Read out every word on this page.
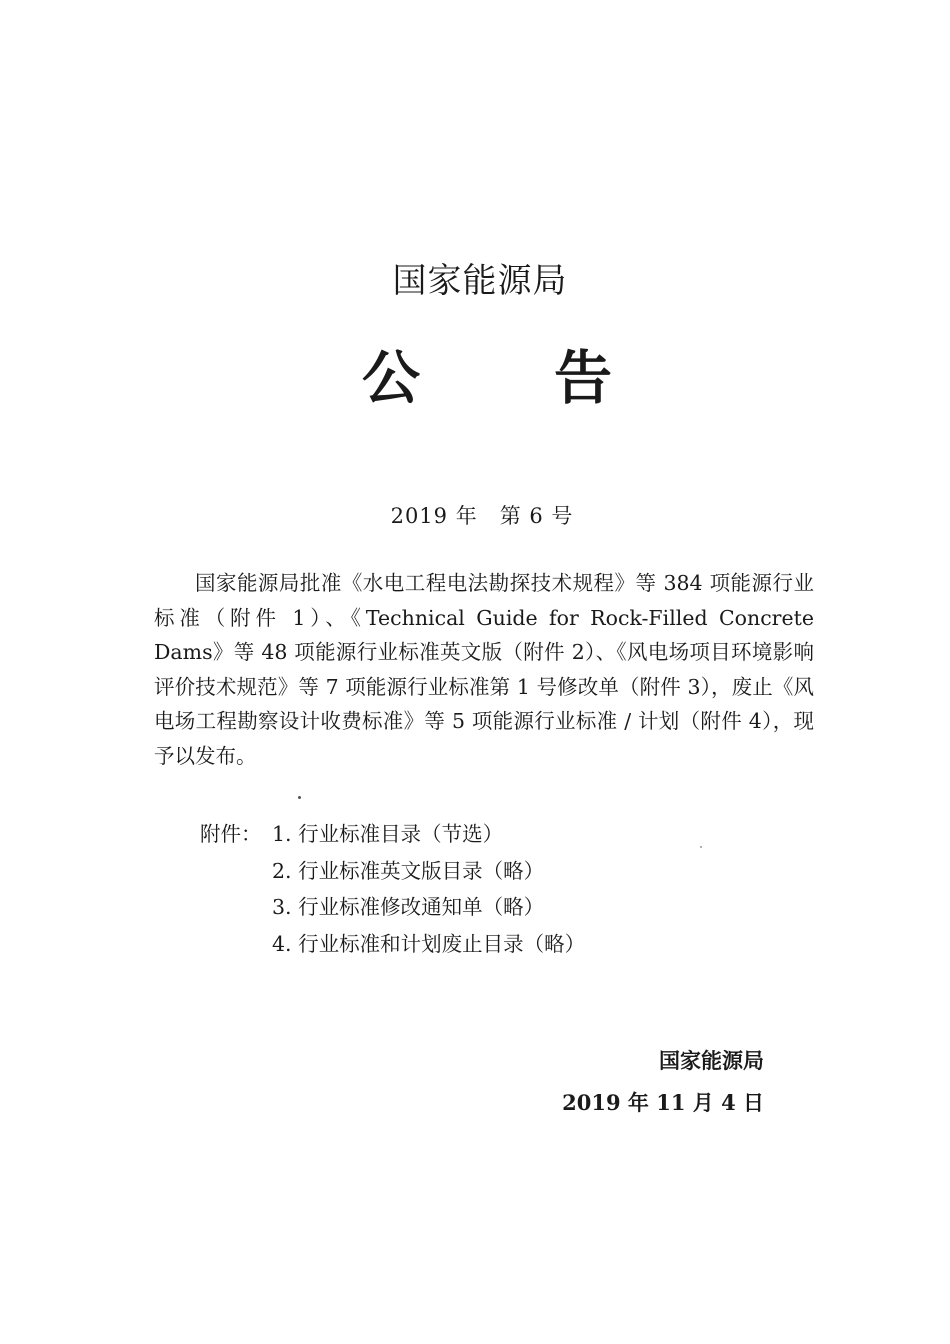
国家能源局
公 告
2019 年　第 6 号

国家能源局批准《水电工程电法勘探技术规程》等 384 项能源行业标准（附件 1）、《Technical Guide for Rock-Filled Concrete Dams》等 48 项能源行业标准英文版（附件 2）、《风电场项目环境影响评价技术规范》等 7 项能源行业标准第 1 号修改单（附件 3），废止《风电场工程勘察设计收费标准》等 5 项能源行业标准 / 计划（附件 4），现予以发布。

附件： 1. 行业标准目录（节选）
2. 行业标准英文版目录（略）
3. 行业标准修改通知单（略）
4. 行业标准和计划废止目录（略）
国家能源局
2019 年 11 月 4 日
